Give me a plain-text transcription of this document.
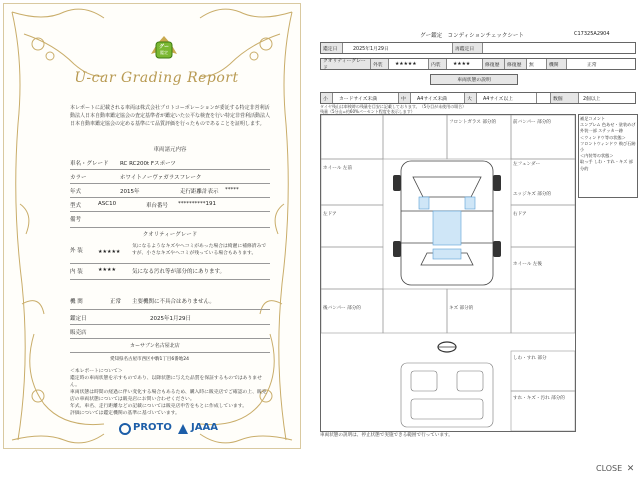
グー
鑑定
U-car Grading Report
本レポートに記載される車両は株式会社プロトコーポレーションが委託する特定非営利活動法人日本自動車鑑定協会の査定基準者が鑑定いた公平な検査を行い特定非営利活動法人日本自動車鑑定協会の定める基準にて品質評価を行ったものであることを証明します。
車両諸元内容
車名・グレード RC RC200t Fスポーツ
カラー	ホワイトノーヴァガラスフレーク
年式	2015年	走行距離計表示 *****
型式	ASC10	車台番号 **********191
備考
クオリティーグレード
外 装	★★★★★
気になるようなキズやヘコミがあった場合は綺麗に補修済みですが、小さなキズやヘコミが残っている場合もあります。
内 装	★★★★	気になる汚れ等が部分的にあります。
機 関	正常 主要機関に不具合はありません。
鑑定日	2025年1月29日
販売店
カーサブン名古屋北店
愛知県名古屋市西区中駒1丁目6番地24
＜本レポートについて＞
鑑定時の車両状態を示すものであり、以降状態に与えた品質を保証するものではありません。
車両状態は時間の経過に伴い変化する場合もあるため、購入時に販売店でご確認の上、販売店の車両状態については販売店にお問い合わせください。
年式、車名、走行距離などの記載については販売店申告をもとに作成しています。
評価については鑑定機関の基準に基づいています。
PROTO JAAA
グー鑑定　コンディションチェックシート	C17325A2904
鑑定日	2025年1月29日	再鑑定日
クオリティーグレード
外装	★★★★★	内装	★★★★	修復歴	修復歴	無	機関	正常
車両状態の説明
小	カードサイズ未満	中	A4サイズ未満	大	A4サイズ以上	数個	2個以上
タイヤ残山は車検時の残量を目安に記載しております。（5分目が未使用の場合）
残量（5分山=約60%パーセント程度を表示します）
ホイール 左前
フロントガラス 部分的	前バンパー 部分的
左フェンダー
エッジキズ 部分的
左ドア	右ドア
ホイール 左後
後バンパー 部分的	キズ 部分的
しわ・すれ 部分
すれ・キズ・汚れ 部分的
補足コメント
エンブレム 色あせ・塗装めげ
外装一部 ステッカー跡
＜ウィンドウ等の状態＞
フロントウィンドウ 飛び石跡 小
＜内装等の状態＞
取っ手 しわ・すれ・キズ 部分的
車両状態の説明は、停止状態で実施できる範囲で行っています。
CLOSE ✕
